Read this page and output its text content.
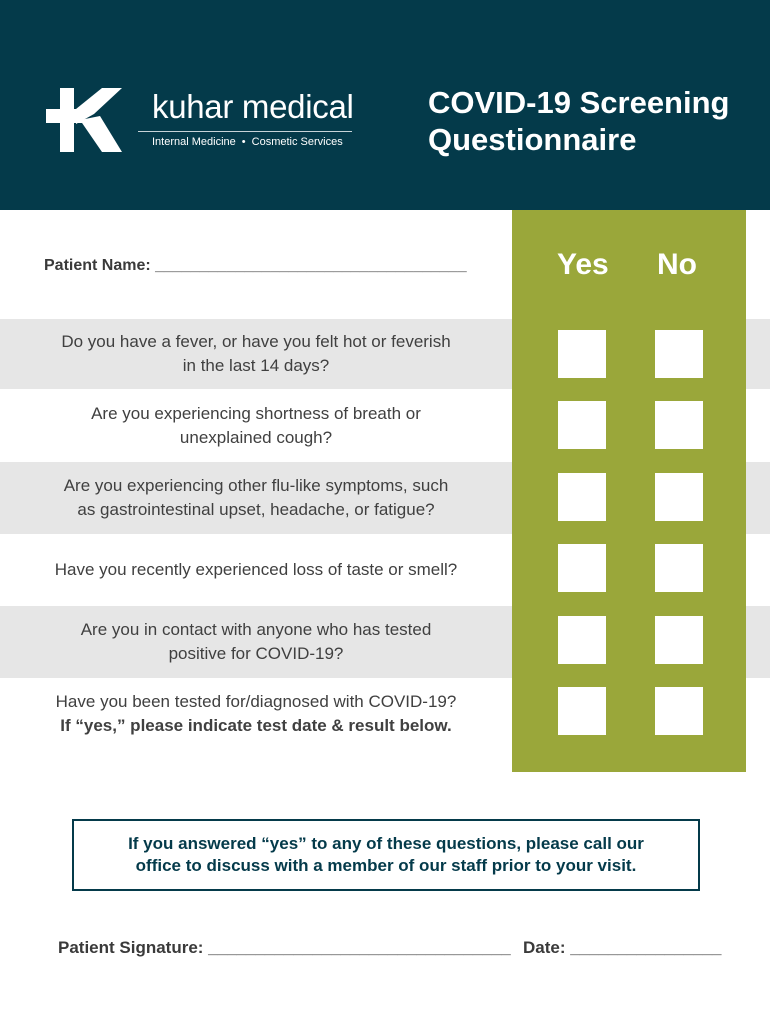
kuhar medical
Internal Medicine • Cosmetic Services
COVID-19 Screening
Questionnaire
Yes No
Patient Name: ___________________________________
Do you have a fever, or have you felt hot or feverish
in the last 14 days?
Are you experiencing shortness of breath or
unexplained cough?
Are you experiencing other flu-like symptoms, such
as gastrointestinal upset, headache, or fatigue?
Have you recently experienced loss of taste or smell?
Are you in contact with anyone who has tested
positive for COVID-19?
Have you been tested for/diagnosed with COVID-19?
If “yes,” please indicate test date & result below.
If you answered “yes” to any of these questions, please call our
office to discuss with a member of our staff prior to your visit.
Patient Signature: ________________________________ Date: ________________
